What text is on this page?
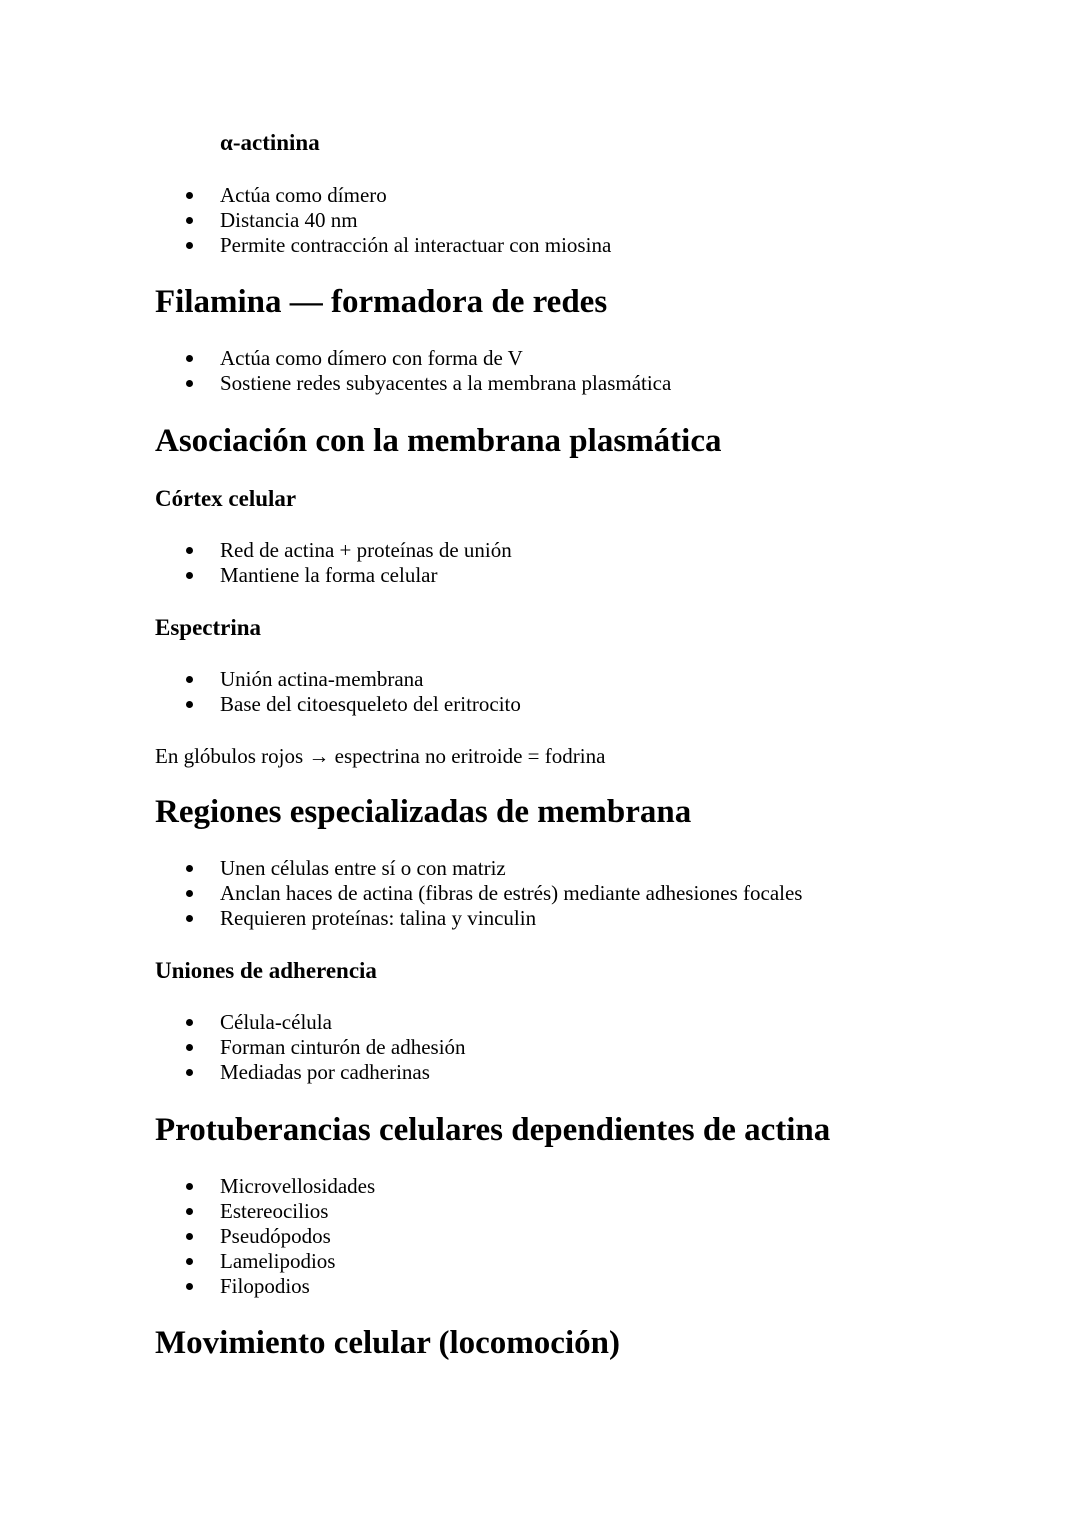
α-actinina
Actúa como dímero
Distancia 40 nm
Permite contracción al interactuar con miosina
Filamina — formadora de redes
Actúa como dímero con forma de V
Sostiene redes subyacentes a la membrana plasmática
Asociación con la membrana plasmática
Córtex celular
Red de actina + proteínas de unión
Mantiene la forma celular
Espectrina
Unión actina-membrana
Base del citoesqueleto del eritrocito
En glóbulos rojos → espectrina no eritroide = fodrina
Regiones especializadas de membrana
Unen células entre sí o con matriz
Anclan haces de actina (fibras de estrés) mediante adhesiones focales
Requieren proteínas: talina y vinculin
Uniones de adherencia
Célula-célula
Forman cinturón de adhesión
Mediadas por cadherinas
Protuberancias celulares dependientes de actina
Microvellosidades
Estereocilios
Pseudópodos
Lamelipodios
Filopodios
Movimiento celular (locomoción)
